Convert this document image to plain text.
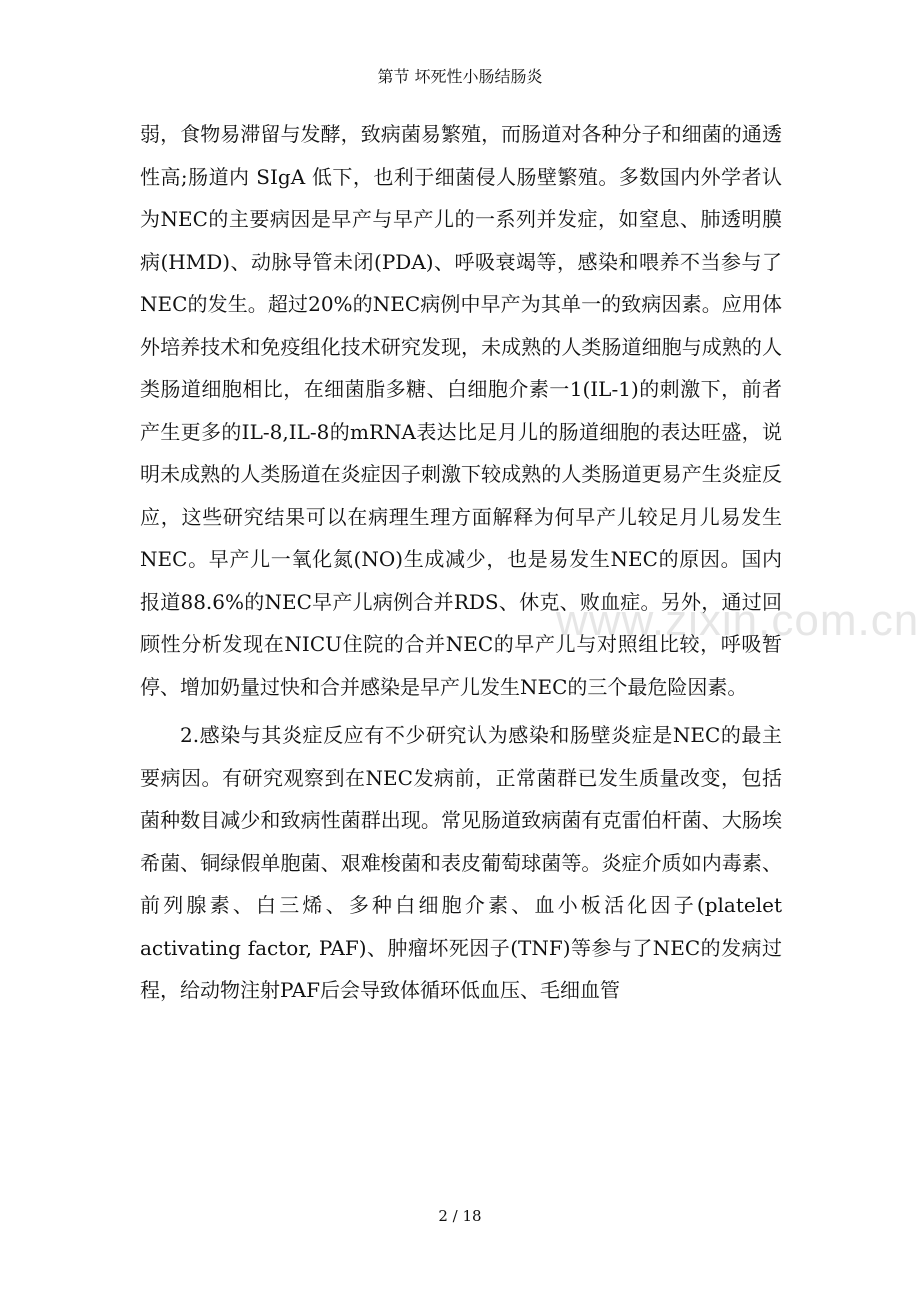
第节 坏死性小肠结肠炎
www.zixin.com.cn

弱，食物易滞留与发酵，致病菌易繁殖，而肠道对各种分子和细菌的通透性高;肠道内 SIgA 低下，也利于细菌侵人肠壁繁殖。多数国内外学者认为NEC的主要病因是早产与早产儿的一系列并发症，如窒息、肺透明膜病(HMD)、动脉导管未闭(PDA)、呼吸衰竭等，感染和喂养不当参与了NEC的发生。超过20%的NEC病例中早产为其单一的致病因素。应用体外培养技术和免疫组化技术研究发现，未成熟的人类肠道细胞与成熟的人类肠道细胞相比，在细菌脂多糖、白细胞介素一1(IL-1)的刺激下，前者产生更多的IL-8,IL-8的mRNA表达比足月儿的肠道细胞的表达旺盛，说明未成熟的人类肠道在炎症因子刺激下较成熟的人类肠道更易产生炎症反应，这些研究结果可以在病理生理方面解释为何早产儿较足月儿易发生NEC。早产儿一氧化氮(NO)生成减少，也是易发生NEC的原因。国内报道88.6%的NEC早产儿病例合并RDS、休克、败血症。另外，通过回顾性分析发现在NICU住院的合并NEC的早产儿与对照组比较，呼吸暂停、增加奶量过快和合并感染是早产儿发生NEC的三个最危险因素。

2.感染与其炎症反应有不少研究认为感染和肠壁炎症是NEC的最主要病因。有研究观察到在NEC发病前，正常菌群已发生质量改变，包括菌种数目减少和致病性菌群出现。常见肠道致病菌有克雷伯杆菌、大肠埃希菌、铜绿假单胞菌、艰难梭菌和表皮葡萄球菌等。炎症介质如内毒素、前列腺素、白三烯、多种白细胞介素、血小板活化因子(platelet activating factor, PAF)、肿瘤坏死因子(TNF)等参与了NEC的发病过程，给动物注射PAF后会导致体循环低血压、毛细血管

2 / 18
